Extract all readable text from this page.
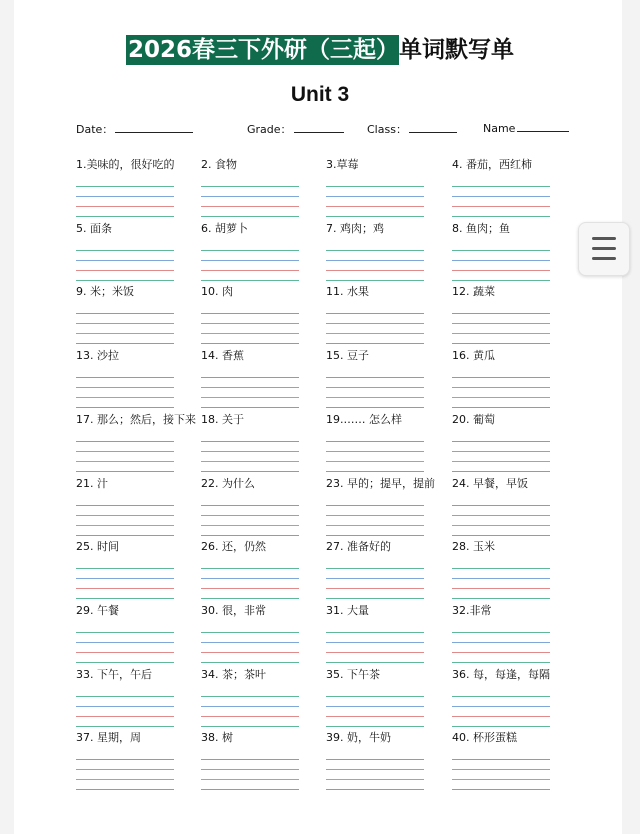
2026春三下外研（三起）单词默写单
Unit 3
Date：	Grade：	Class：	Name
1.美味的，很好吃的	2. 食物	3.草莓	4. 番茄，西红柿
5. 面条	6. 胡萝卜	7. 鸡肉；鸡	8. 鱼肉；鱼
9. 米；米饭	10. 肉	11. 水果	12. 蔬菜
13. 沙拉	14. 香蕉	15. 豆子	16. 黄瓜
17. 那么；然后，接下来 18. 关于	19.…… 怎么样	20. 葡萄
21. 汁	22. 为什么	23. 早的；提早，提前	24. 早餐，早饭
25. 时间	26. 还，仍然	27. 准备好的	28. 玉米
29. 午餐	30. 很，非常	31. 大量	32.非常
33. 下午，午后	34. 茶；茶叶	35. 下午茶	36. 每，每逢，每隔
37. 星期，周	38. 树	39. 奶，牛奶	40. 杯形蛋糕
